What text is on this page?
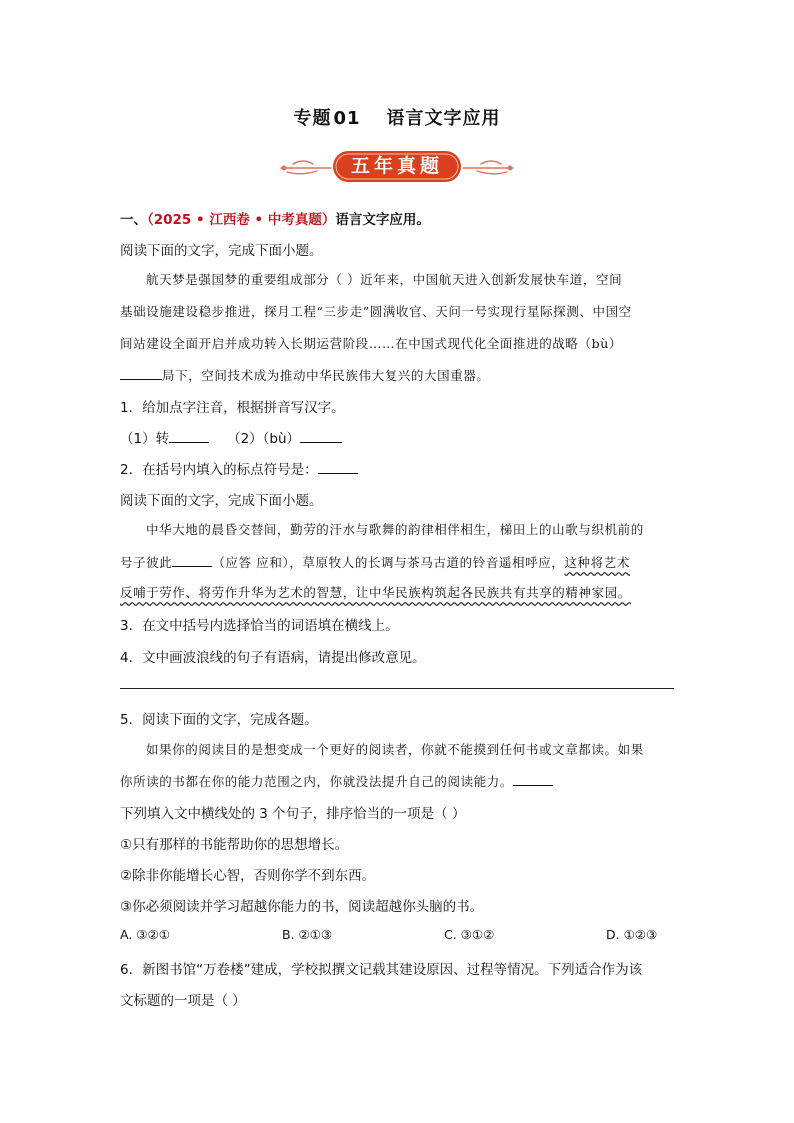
专题 01 语言文字应用
五年真题
一、（2025 • 江西卷 • 中考真题）语言文字应用。
阅读下面的文字，完成下面小题。
航天梦是强国梦的重要组成部分（ ）近年来，中国航天进入创新发展快车道，空间
基础设施建设稳步推进，探月工程“三步走”圆满收官、天问一号实现行星际探测、中国空
间站建设全面开启并成功转入长期运营阶段……在中国式现代化全面推进的战略（bù）
局下，空间技术成为推动中华民族伟大复兴的大国重器。
1．给加点字注音，根据拼音写汉字。
（1）转	（2）（bù）
2．在括号内填入的标点符号是：
阅读下面的文字，完成下面小题。
中华大地的晨昏交替间，勤劳的汗水与歌舞的韵律相伴相生，梯田上的山歌与织机前的
号子彼此	（应答 应和），草原牧人的长调与茶马古道的铃音遥相呼应，这种将艺术
反哺于劳作、将劳作升华为艺术的智慧，让中华民族构筑起各民族共有共享的精神家园。
3．在文中括号内选择恰当的词语填在横线上。
4．文中画波浪线的句子有语病，请提出修改意见。
5．阅读下面的文字，完成各题。
如果你的阅读目的是想变成一个更好的阅读者，你就不能摸到任何书或文章都读。如果
你所读的书都在你的能力范围之内，你就没法提升自己的阅读能力。
下列填入文中横线处的 3 个句子，排序恰当的一项是（ ）
①只有那样的书能帮助你的思想增长。
②除非你能增长心智，否则你学不到东西。
③你必须阅读并学习超越你能力的书，阅读超越你头脑的书。
A. ③②①	B. ②①③	C. ③①②	D. ①②③
6．新图书馆“万卷楼”建成，学校拟撰文记载其建设原因、过程等情况。下列适合作为该
文标题的一项是（ ）
